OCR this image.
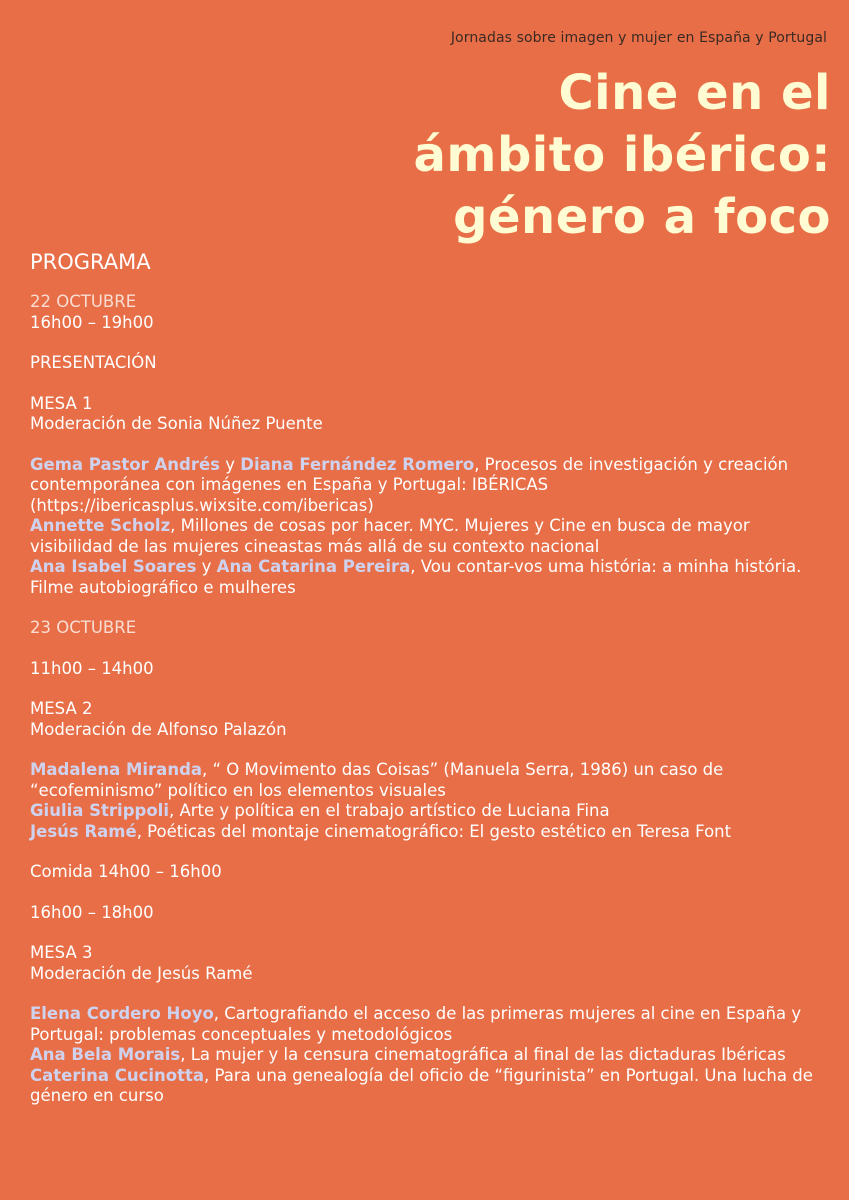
Jornadas sobre imagen y mujer en España y Portugal
Cine en el
ámbito ibérico:
género a foco
PROGRAMA
22 OCTUBRE
16h00 – 19h00
PRESENTACIÓN
MESA 1
Moderación de Sonia Núñez Puente
Gema Pastor Andrés y Diana Fernández Romero, Procesos de investigación y creación contemporánea con imágenes en España y Portugal: IBÉRICAS (https://ibericasplus.wixsite.com/ibericas)
Annette Scholz, Millones de cosas por hacer. MYC. Mujeres y Cine en busca de mayor visibilidad de las mujeres cineastas más allá de su contexto nacional
Ana Isabel Soares y Ana Catarina Pereira, Vou contar-vos uma história: a minha história. Filme autobiográfico e mulheres
23 OCTUBRE
11h00 – 14h00
MESA 2
Moderación de Alfonso Palazón
Madalena Miranda, “ O Movimento das Coisas” (Manuela Serra, 1986) un caso de “ecofeminismo” político en los elementos visuales
Giulia Strippoli, Arte y política en el trabajo artístico de Luciana Fina
Jesús Ramé, Poéticas del montaje cinematográfico: El gesto estético en Teresa Font
Comida 14h00 – 16h00
16h00 – 18h00
MESA 3
Moderación de Jesús Ramé
Elena Cordero Hoyo, Cartografiando el acceso de las primeras mujeres al cine en España y Portugal: problemas conceptuales y metodológicos
Ana Bela Morais, La mujer y la censura cinematográfica al final de las dictaduras Ibéricas
Caterina Cucinotta, Para una genealogía del oficio de “figurinista” en Portugal. Una lucha de género en curso
